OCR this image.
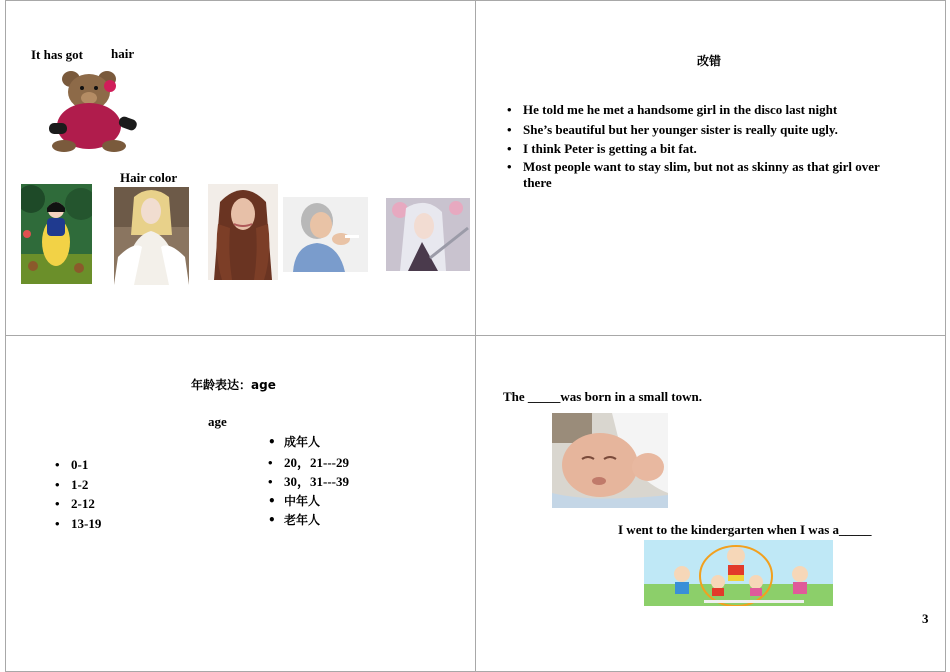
It has got hair
Hair color
改错
• He told me he met a handsome girl in the disco last night
• She’s beautiful but her younger sister is really quite ugly.
• I think Peter is getting a bit fat.
• Most people want to stay slim, but not as skinny as that girl over there
年龄表达：age
age
• 0-1
• 1-2
• 2-12
• 13-19
• 成年人
• 20，21---29
• 30，31---39
• 中年人
• 老年人
The _____was born in a small town.
I went to the kindergarten when I was a_____
3
